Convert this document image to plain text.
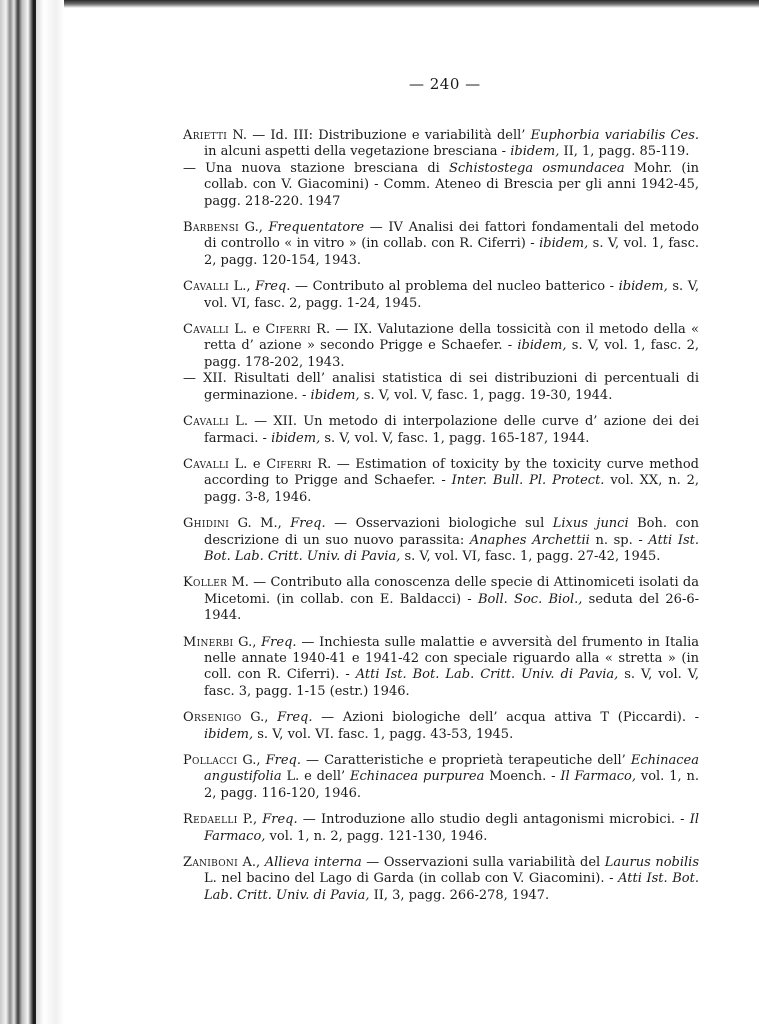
— 240 —

Arietti N. — Id. III: Distribuzione e variabilità dell’ Euphorbia variabilis Ces. in alcuni aspetti della vegetazione bresciana - ibidem, II, 1, pagg. 85-119.

— Una nuova stazione bresciana di Schistostega osmundacea Mohr. (in collab. con V. Giacomini) - Comm. Ateneo di Brescia per gli anni 1942-45, pagg. 218-220. 1947

Barbensi G., Frequentatore — IV Analisi dei fattori fondamentali del metodo di controllo « in vitro » (in collab. con R. Ciferri) - ibidem, s. V, vol. 1, fasc. 2, pagg. 120-154, 1943.

Cavalli L., Freq. — Contributo al problema del nucleo batterico - ibidem, s. V, vol. VI, fasc. 2, pagg. 1-24, 1945.

Cavalli L. e Ciferri R. — IX. Valutazione della tossicità con il metodo della « retta d’ azione » secondo Prigge e Schaefer. - ibidem, s. V, vol. 1, fasc. 2, pagg. 178-202, 1943.

— XII. Risultati dell’ analisi statistica di sei distribuzioni di percentuali di germinazione. - ibidem, s. V, vol. V, fasc. 1, pagg. 19-30, 1944.

Cavalli L. — XII. Un metodo di interpolazione delle curve d’ azione dei dei farmaci. - ibidem, s. V, vol. V, fasc. 1, pagg. 165-187, 1944.

Cavalli L. e Ciferri R. — Estimation of toxicity by the toxicity curve method according to Prigge and Schaefer. - Inter. Bull. Pl. Protect. vol. XX, n. 2, pagg. 3-8, 1946.

Ghidini G. M., Freq. — Osservazioni biologiche sul Lixus junci Boh. con descrizione di un suo nuovo parassita: Anaphes Archettii n. sp. - Atti Ist. Bot. Lab. Critt. Univ. di Pavia, s. V, vol. VI, fasc. 1, pagg. 27-42, 1945.

Koller M. — Contributo alla conoscenza delle specie di Attinomiceti isolati da Micetomi. (in collab. con E. Baldacci) - Boll. Soc. Biol., seduta del 26-6-1944.

Minerbi G., Freq. — Inchiesta sulle malattie e avversità del frumento in Italia nelle annate 1940-41 e 1941-42 con speciale riguardo alla « stretta » (in coll. con R. Ciferri). - Atti Ist. Bot. Lab. Critt. Univ. di Pavia, s. V, vol. V, fasc. 3, pagg. 1-15 (estr.) 1946.

Orsenigo G., Freq. — Azioni biologiche dell’ acqua attiva T (Piccardi). - ibidem, s. V, vol. VI. fasc. 1, pagg. 43-53, 1945.

Pollacci G., Freq. — Caratteristiche e proprietà terapeutiche dell’ Echinacea angustifolia L. e dell’ Echinacea purpurea Moench. - Il Farmaco, vol. 1, n. 2, pagg. 116-120, 1946.

Redaelli P., Freq. — Introduzione allo studio degli antagonismi microbici. - Il Farmaco, vol. 1, n. 2, pagg. 121-130, 1946.

Zaniboni A., Allieva interna — Osservazioni sulla variabilità del Laurus nobilis L. nel bacino del Lago di Garda (in collab con V. Giacomini). - Atti Ist. Bot. Lab. Critt. Univ. di Pavia, II, 3, pagg. 266-278, 1947.
